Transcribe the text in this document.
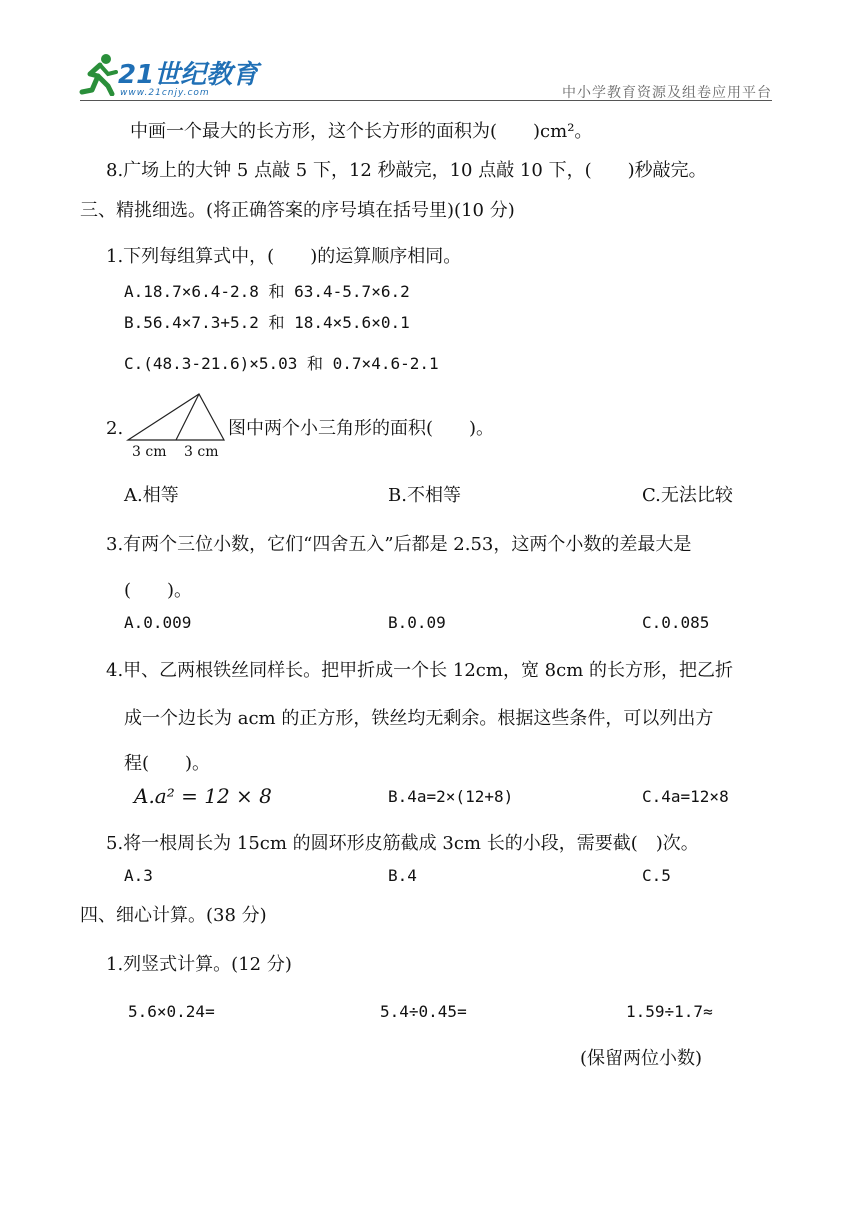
21世纪教育
www.21cnjy.com	中小学教育资源及组卷应用平台
中画一个最大的长方形，这个长方形的面积为(　　)cm²。
8.广场上的大钟 5 点敲 5 下，12 秒敲完，10 点敲 10 下，(　　)秒敲完。
三、精挑细选。(将正确答案的序号填在括号里)(10 分)
1.下列每组算式中，(　　)的运算顺序相同。
A.18.7×6.4-2.8 和 63.4-5.7×6.2
B.56.4×7.3+5.2 和 18.4×5.6×0.1
C.(48.3-21.6)×5.03 和 0.7×4.6-2.1
2.
3 cm 3 cm
图中两个小三角形的面积(　　)。
A.相等	B.不相等	C.无法比较
3.有两个三位小数，它们“四舍五入”后都是 2.53，这两个小数的差最大是
(　　)。
A.0.009	B.0.09	C.0.085
4.甲、乙两根铁丝同样长。把甲折成一个长 12cm，宽 8cm 的长方形，把乙折
成一个边长为 acm 的正方形，铁丝均无剩余。根据这些条件，可以列出方
程(　　)。
A.a² = 12 × 8	B.4a=2×(12+8)	C.4a=12×8
5.将一根周长为 15cm 的圆环形皮筋截成 3cm 长的小段，需要截(　)次。
A.3	B.4	C.5
四、细心计算。(38 分)
1.列竖式计算。(12 分)
5.6×0.24=	5.4÷0.45=	1.59÷1.7≈
(保留两位小数)
